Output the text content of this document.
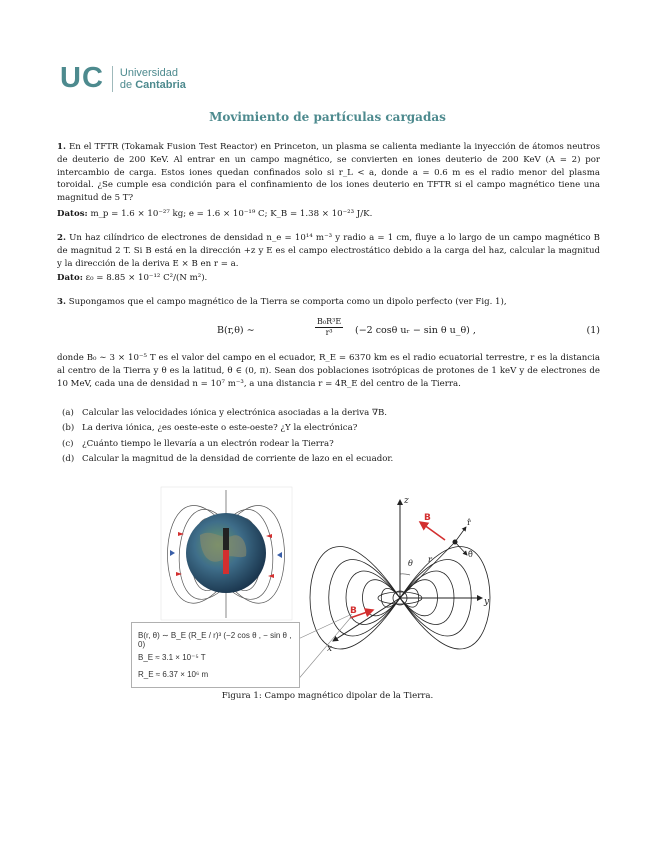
UC Universidad
de Cantabria
Movimiento de partículas cargadas
1. En el TFTR (Tokamak Fusion Test Reactor) en Princeton, un plasma se calienta mediante la inyección de átomos neutros de deuterio de 200 KeV. Al entrar en un campo magnético, se convierten en iones deuterio de 200 KeV (A = 2) por intercambio de carga. Estos iones quedan confinados solo si r_L < a, donde a = 0.6 m es el radio menor del plasma toroidal. ¿Se cumple esa condición para el confinamiento de los iones deuterio en TFTR si el campo magnético tiene una magnitud de 5 T?
Datos: m_p = 1.6 × 10⁻²⁷ kg; e = 1.6 × 10⁻¹⁹ C; K_B = 1.38 × 10⁻²³ J/K.
2. Un haz cilíndrico de electrones de densidad n_e = 10¹⁴ m⁻³ y radio a = 1 cm, fluye a lo largo de un campo magnético B de magnitud 2 T. Si B está en la dirección +z y E es el campo electrostático debido a la carga del haz, calcular la magnitud y la dirección de la deriva E × B en r = a.
Dato: ε₀ = 8.85 × 10⁻¹² C²/(N m²).
3. Supongamos que el campo magnético de la Tierra se comporta como un dipolo perfecto (ver Fig. 1),
B(r,θ) ∼	$\frac{\text{B₀R³E}}{\text{r³}} (-2$ cosθ uᵣ − sin θ u_θ) ,	(1)
donde B₀ ∼ 3 × 10⁻⁵ T es el valor del campo en el ecuador, R_E = 6370 km es el radio ecuatorial terrestre, r es la distancia al centro de la Tierra y θ es la latitud, θ ∈ (0, π). Sean dos poblaciones isotrópicas de protones de 1 keV y de electrones de 10 MeV, cada una de densidad n = 10⁷ m⁻³, a una distancia r = 4R_E del centro de la Tierra.
(a) Calcular las velocidades iónica y electrónica asociadas a la deriva ∇B.
(b) La deriva iónica, ¿es oeste-este o este-oeste? ¿Y la electrónica?
(c) ¿Cuánto tiempo le llevaría a un electrón rodear la Tierra?
(d) Calcular la magnitud de la densidad de corriente de lazo en el ecuador.
z
y
x
B
B
r̂
θ̂
r
θ
B(r, θ) ∼ B_E (R_E / r)³ (−2 cos θ , − sin θ , 0)
B_E ≈ 3.1 × 10⁻⁵ T
R_E ≈ 6.37 × 10⁶ m
Figura 1: Campo magnético dipolar de la Tierra.
